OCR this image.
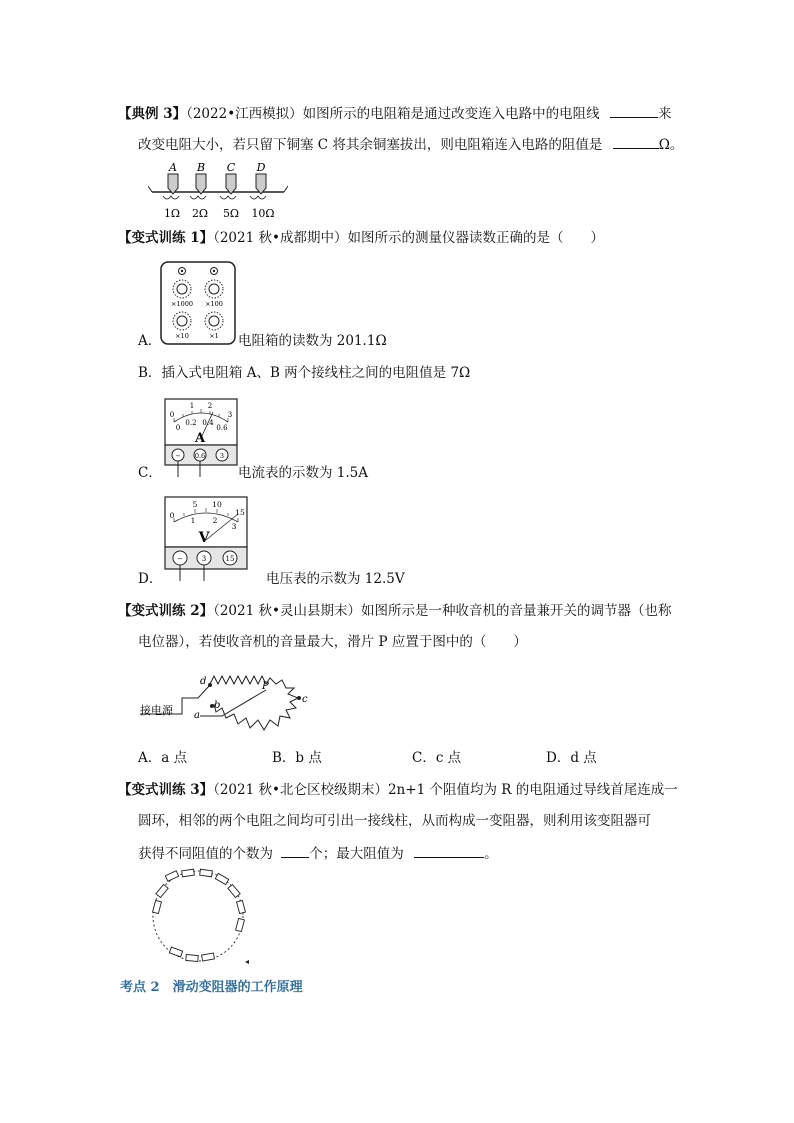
【典例 3】（2022•江西模拟）如图所示的电阻箱是通过改变连入电路中的电阻线	来
改变电阻大小，若只留下铜塞 C 将其余铜塞拔出，则电阻箱连入电路的阻值是	Ω。
A B C D
1Ω 2Ω 5Ω 10Ω
【变式训练 1】（2021 秋•成都期中）如图所示的测量仪器读数正确的是（　　）
×1000 ×100
×10	×1
A．	电阻箱的读数为 201.1Ω
B．插入式电阻箱 A、B 两个接线柱之间的电阻值是 7Ω
0
1 2
3
0
0.2 0.4
0.6
A
− 0.6 3
C．	电流表的示数为 1.5A
0
5 10
15
1 2
3
V
−	3	15
D．	电压表的示数为 12.5V
【变式训练 2】（2021 秋•灵山县期末）如图所示是一种收音机的音量兼开关的调节器（也称
电位器），若使收音机的音量最大，滑片 P 应置于图中的（　　）
接电源 a
b
c
d	P
A．a 点	B．b 点	C．c 点	D．d 点
【变式训练 3】（2021 秋•北仑区校级期末）2n+1 个阻值均为 R 的电阻通过导线首尾连成一
圆环，相邻的两个电阻之间均可引出一接线柱，从而构成一变阻器，则利用该变阻器可
获得不同阻值的个数为	个；最大阻值为	。
考点 2　滑动变阻器的工作原理
